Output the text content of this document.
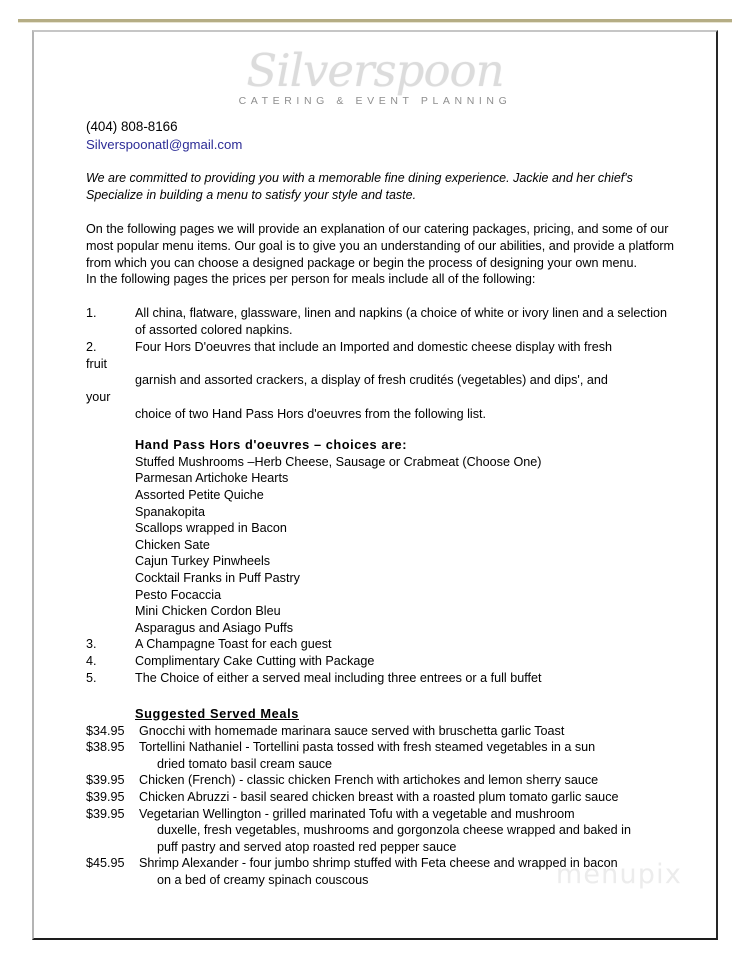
Silverspoon
CATERING & EVENT PLANNING
(404) 808-8166
Silverspoonatl@gmail.com
We are committed to providing you with a memorable fine dining experience. Jackie and her chief's Specialize in building a menu to satisfy your style and taste.
On the following pages we will provide an explanation of our catering packages, pricing, and some of our most popular menu items. Our goal is to give you an understanding of our abilities, and provide a platform from which you can choose a designed package or begin the process of designing your own menu.
In the following pages the prices per person for meals include all of the following:
1.	All china, flatware, glassware, linen and napkins (a choice of white or ivory linen and a selection of assorted colored napkins.
2.	Four Hors D'oeuvres that include an Imported and domestic cheese display with fresh
fruit
garnish and assorted crackers, a display of fresh crudités (vegetables) and dips', and
your
choice of two Hand Pass Hors d'oeuvres from the following list.
Hand Pass Hors d'oeuvres – choices are:
Stuffed Mushrooms –Herb Cheese, Sausage or Crabmeat (Choose One)
Parmesan Artichoke Hearts
Assorted Petite Quiche
Spanakopita
Scallops wrapped in Bacon
Chicken Sate
Cajun Turkey Pinwheels
Cocktail Franks in Puff Pastry
Pesto Focaccia
Mini Chicken Cordon Bleu
Asparagus and Asiago Puffs
3.	A Champagne Toast for each guest
4.	Complimentary Cake Cutting with Package
5.	The Choice of either a served meal including three entrees or a full buffet
Suggested Served Meals
$34.95	Gnocchi with homemade marinara sauce served with bruschetta garlic Toast
$38.95	Tortellini Nathaniel - Tortellini pasta tossed with fresh steamed vegetables in a sun
dried tomato basil cream sauce
$39.95	Chicken (French) - classic chicken French with artichokes and lemon sherry sauce
$39.95	Chicken Abruzzi - basil seared chicken breast with a roasted plum tomato garlic sauce
$39.95	Vegetarian Wellington - grilled marinated Tofu with a vegetable and mushroom
duxelle, fresh vegetables, mushrooms and gorgonzola cheese wrapped and baked in
puff pastry and served atop roasted red pepper sauce
$45.95	Shrimp Alexander - four jumbo shrimp stuffed with Feta cheese and wrapped in bacon
on a bed of creamy spinach couscous	menupix
